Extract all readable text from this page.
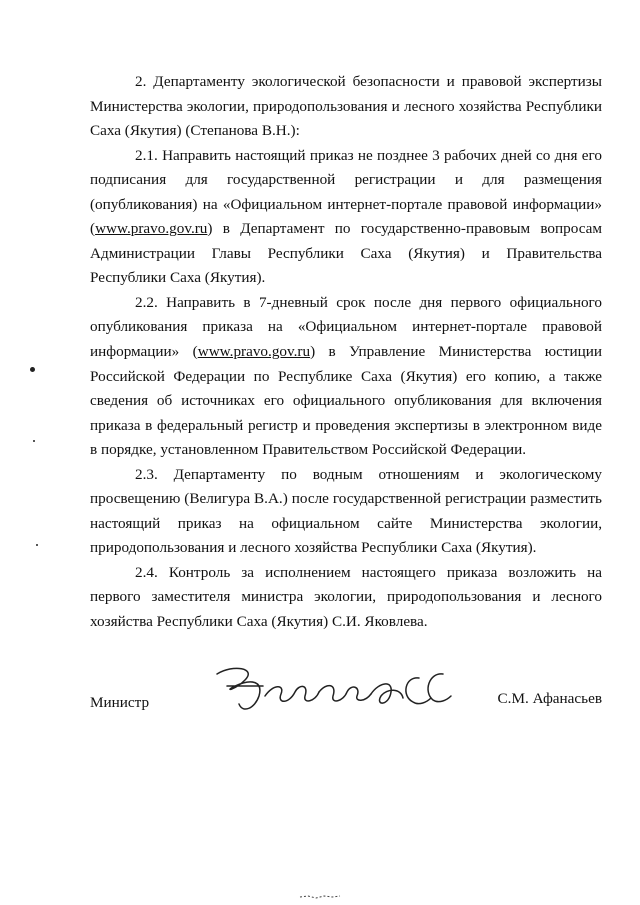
2. Департаменту экологической безопасности и правовой экспертизы Министерства экологии, природопользования и лесного хозяйства Республики Саха (Якутия) (Степанова В.Н.):

2.1. Направить настоящий приказ не позднее 3 рабочих дней со дня его подписания для государственной регистрации и для размещения (опубликования) на «Официальном интернет-портале правовой информации» (www.pravo.gov.ru) в Департамент по государственно-правовым вопросам Администрации Главы Республики Саха (Якутия) и Правительства Республики Саха (Якутия).

2.2. Направить в 7-дневный срок после дня первого официального опубликования приказа на «Официальном интернет-портале правовой информации» (www.pravo.gov.ru) в Управление Министерства юстиции Российской Федерации по Республике Саха (Якутия) его копию, а также сведения об источниках его официального опубликования для включения приказа в федеральный регистр и проведения экспертизы в электронном виде в порядке, установленном Правительством Российской Федерации.

2.3. Департаменту по водным отношениям и экологическому просвещению (Велигура В.А.) после государственной регистрации разместить настоящий приказ на официальном сайте Министерства экологии, природопользования и лесного хозяйства Республики Саха (Якутия).

2.4. Контроль за исполнением настоящего приказа возложить на первого заместителя министра экологии, природопользования и лесного хозяйства Республики Саха (Якутия) С.И. Яковлева.

Министр	С.М. Афанасьев
